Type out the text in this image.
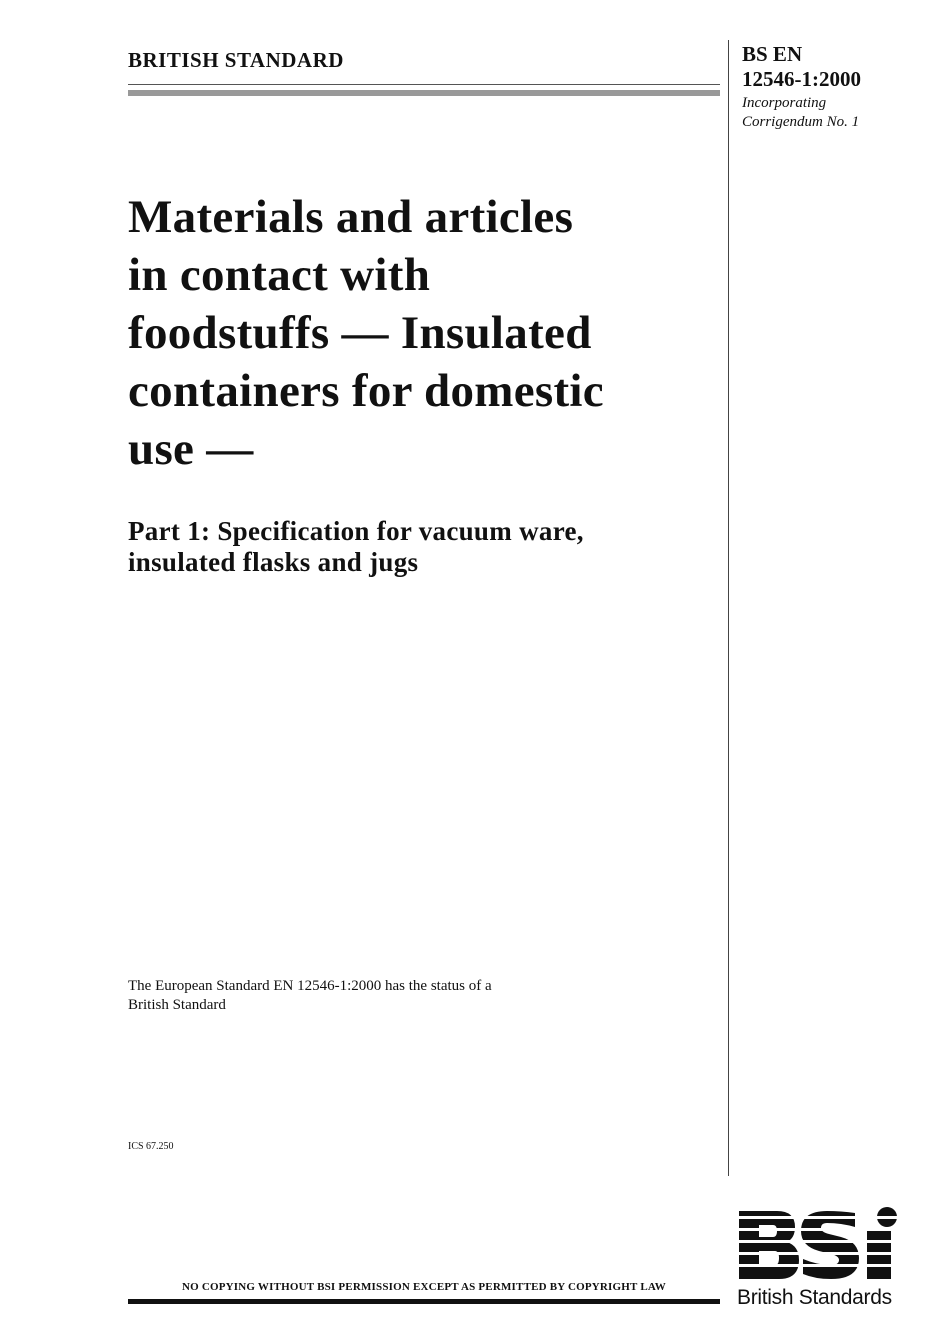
BRITISH STANDARD	BS EN

12546-1:2000

Incorporating

Corrigendum No. 1

Materials and articles
in contact with
foodstuffs — Insulated
containers for domestic
use —
Part 1: Specification for vacuum ware,
insulated flasks and jugs

The European Standard EN 12546-1:2000 has the status of a
British Standard

ICS 67.250

NO COPYING WITHOUT BSI PERMISSION EXCEPT AS PERMITTED BY COPYRIGHT LAW	British Standards
